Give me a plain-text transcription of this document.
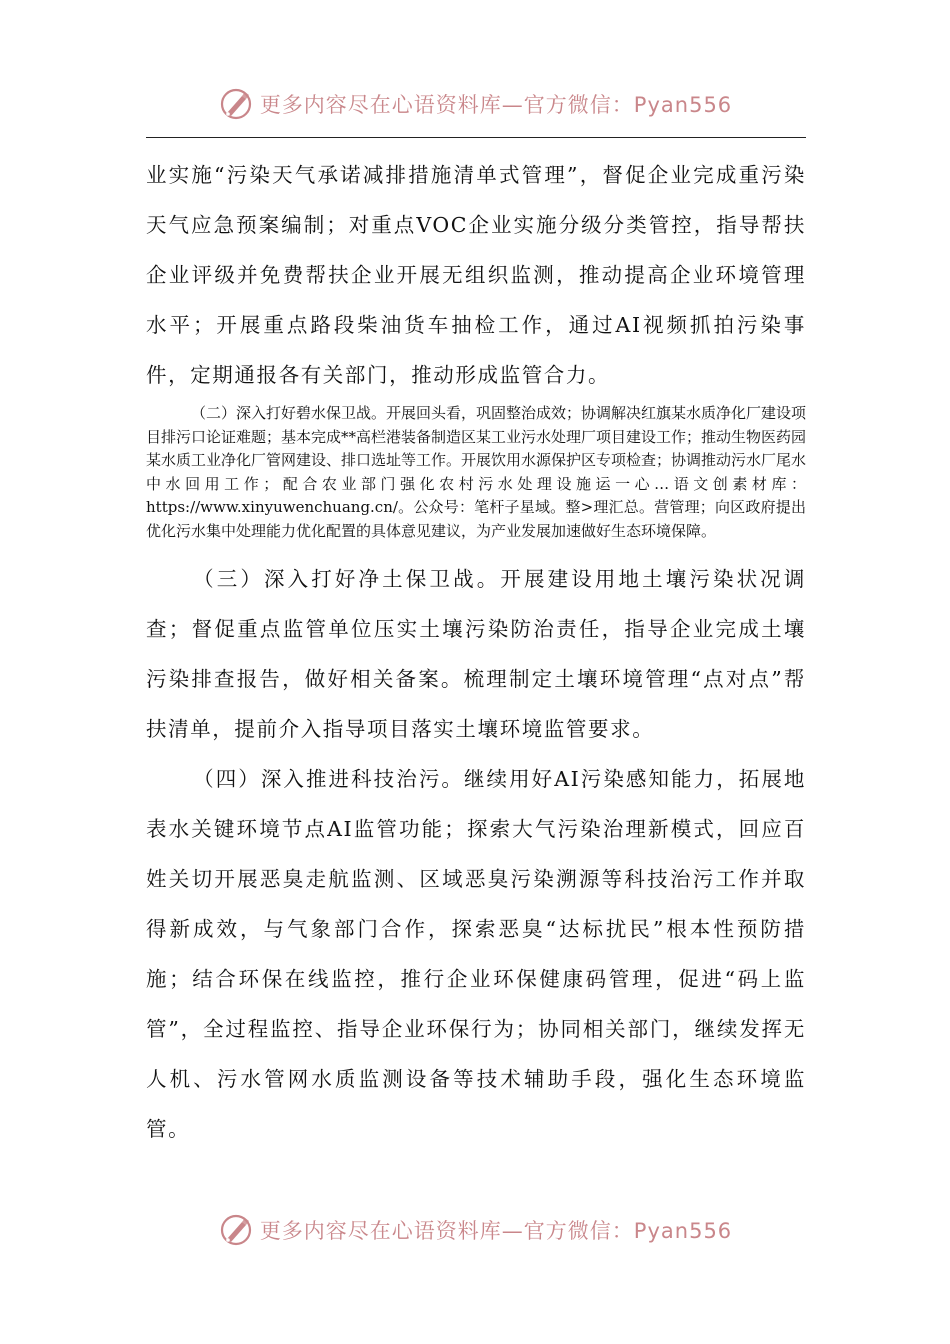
更多内容尽在心语资料库—官方微信：Pyan556

业实施“污染天气承诺减排措施清单式管理”，督促企业完成重污染天气应急预案编制；对重点VOC企业实施分级分类管控，指导帮扶企业评级并免费帮扶企业开展无组织监测，推动提高企业环境管理水平；开展重点路段柴油货车抽检工作，通过AI视频抓拍污染事件，定期通报各有关部门，推动形成监管合力。

（二）深入打好碧水保卫战。开展回头看，巩固整治成效；协调解决红旗某水质净化厂建设项目排污口论证难题；基本完成**高栏港装备制造区某工业污水处理厂项目建设工作；推动生物医药园某水质工业净化厂管网建设、排口选址等工作。开展饮用水源保护区专项检查；协调推动污水厂尾水中水回用工作；配合农业部门强化农村污水处理设施运一心…语文创素材库：https://www.xinyuwenchuang.cn/。公众号：笔杆子星域。整>理汇总。营管理；向区政府提出优化污水集中处理能力优化配置的具体意见建议，为产业发展加速做好生态环境保障。

（三）深入打好净土保卫战。开展建设用地土壤污染状况调查；督促重点监管单位压实土壤污染防治责任，指导企业完成土壤污染排查报告，做好相关备案。梳理制定土壤环境管理“点对点”帮扶清单，提前介入指导项目落实土壤环境监管要求。

（四）深入推进科技治污。继续用好AI污染感知能力，拓展地表水关键环境节点AI监管功能；探索大气污染治理新模式，回应百姓关切开展恶臭走航监测、区域恶臭污染溯源等科技治污工作并取得新成效，与气象部门合作，探索恶臭“达标扰民”根本性预防措施；结合环保在线监控，推行企业环保健康码管理，促进“码上监管”，全过程监控、指导企业环保行为；协同相关部门，继续发挥无人机、污水管网水质监测设备等技术辅助手段，强化生态环境监管。

更多内容尽在心语资料库—官方微信：Pyan556
